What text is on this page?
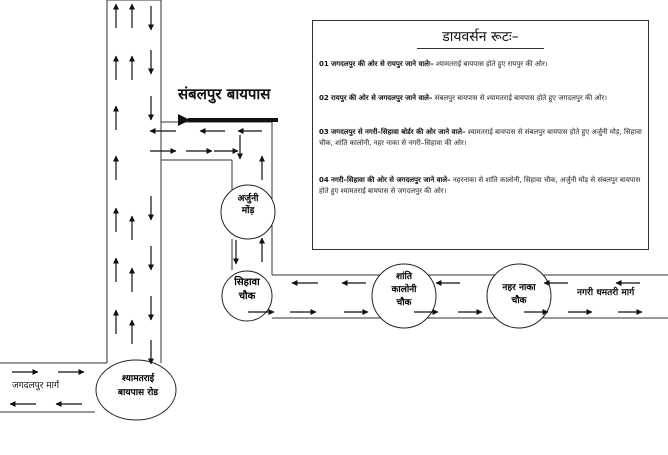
संबलपुर बायपास
अर्जुनी
मोंड़
सिहावा
चौक
शांति
कालोनी
चौक
नहर नाका
चौक
नगरी धमतरी मार्ग
जगदलपुर मार्ग
श्यामतराई
बायपास रोड
डायवर्सन रूटः–
01 जगदलपुर की ओर से रायपुर जाने वालेः– श्यामतराई बायपास होते हुए रायपुर की ओर।
02 रायपुर की ओर से जगदलपुर जाने वाले– संबलपुर बायपास से श्यामतराई बायपास होते हुए जगदलपुर की ओर।
03 जगदलपुर से नगरी–सिहावा बोर्डर की ओर जाने वाले– श्यामतराई बायपास से संबलपुर बायपास होते हुए अर्जुनी मोड़, सिहावा चौक, शांति कालोनी, नहर नाका से नगरी–सिहावा की ओर।
04 नगरी–सिहावा की ओर से जगदलपुर जाने वाले– नहरनाका से शांति कालोनी, सिहावा चौक, अर्जुनी मोंड़ से संबलपुर बायपास होते हुए श्यामतराई बायपास से जगदलपुर की ओर।
